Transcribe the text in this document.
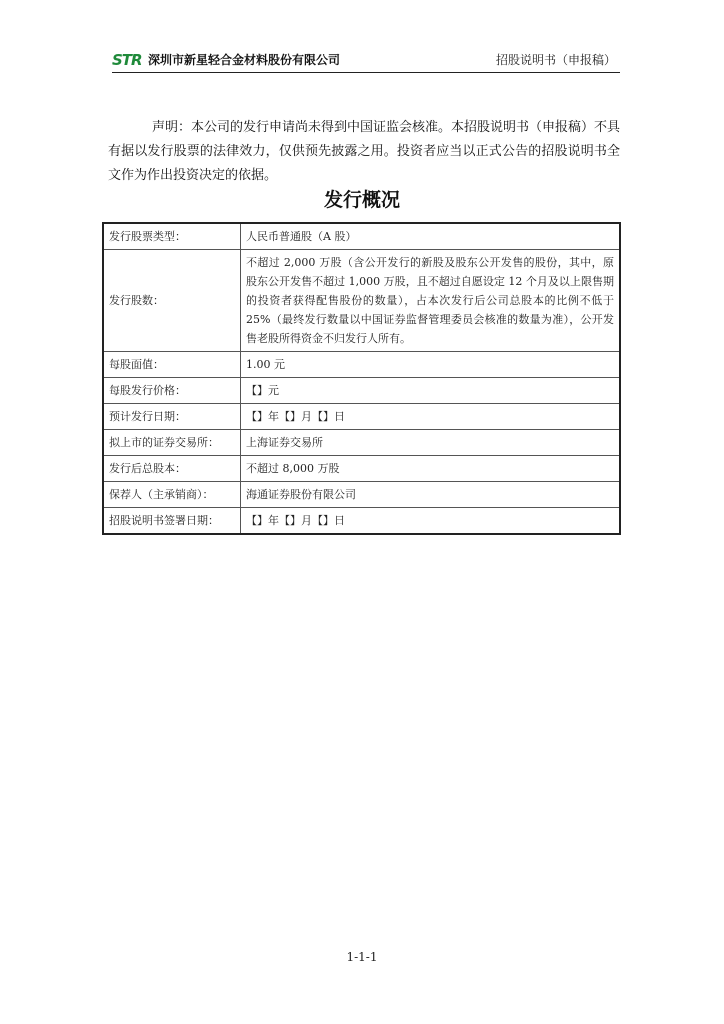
STR 深圳市新星轻合金材料股份有限公司	招股说明书（申报稿）

声明：本公司的发行申请尚未得到中国证监会核准。本招股说明书（申报稿）不具有据以发行股票的法律效力，仅供预先披露之用。投资者应当以正式公告的招股说明书全文作为作出投资决定的依据。

发行概况
发行股票类型：	人民币普通股（A 股）
发行股数：	不超过 2,000 万股（含公开发行的新股及股东公开发售的股份，其中，原股东公开发售不超过 1,000 万股，且不超过自愿设定 12 个月及以上限售期的投资者获得配售股份的数量），占本次发行后公司总股本的比例不低于 25%（最终发行数量以中国证券监督管理委员会核准的数量为准），公开发售老股所得资金不归发行人所有。
每股面值：	1.00 元
每股发行价格：	【】元
预计发行日期：	【】年【】月【】日
拟上市的证券交易所：	上海证券交易所
发行后总股本：	不超过 8,000 万股
保荐人（主承销商）：	海通证券股份有限公司
招股说明书签署日期：	【】年【】月【】日
1-1-1
